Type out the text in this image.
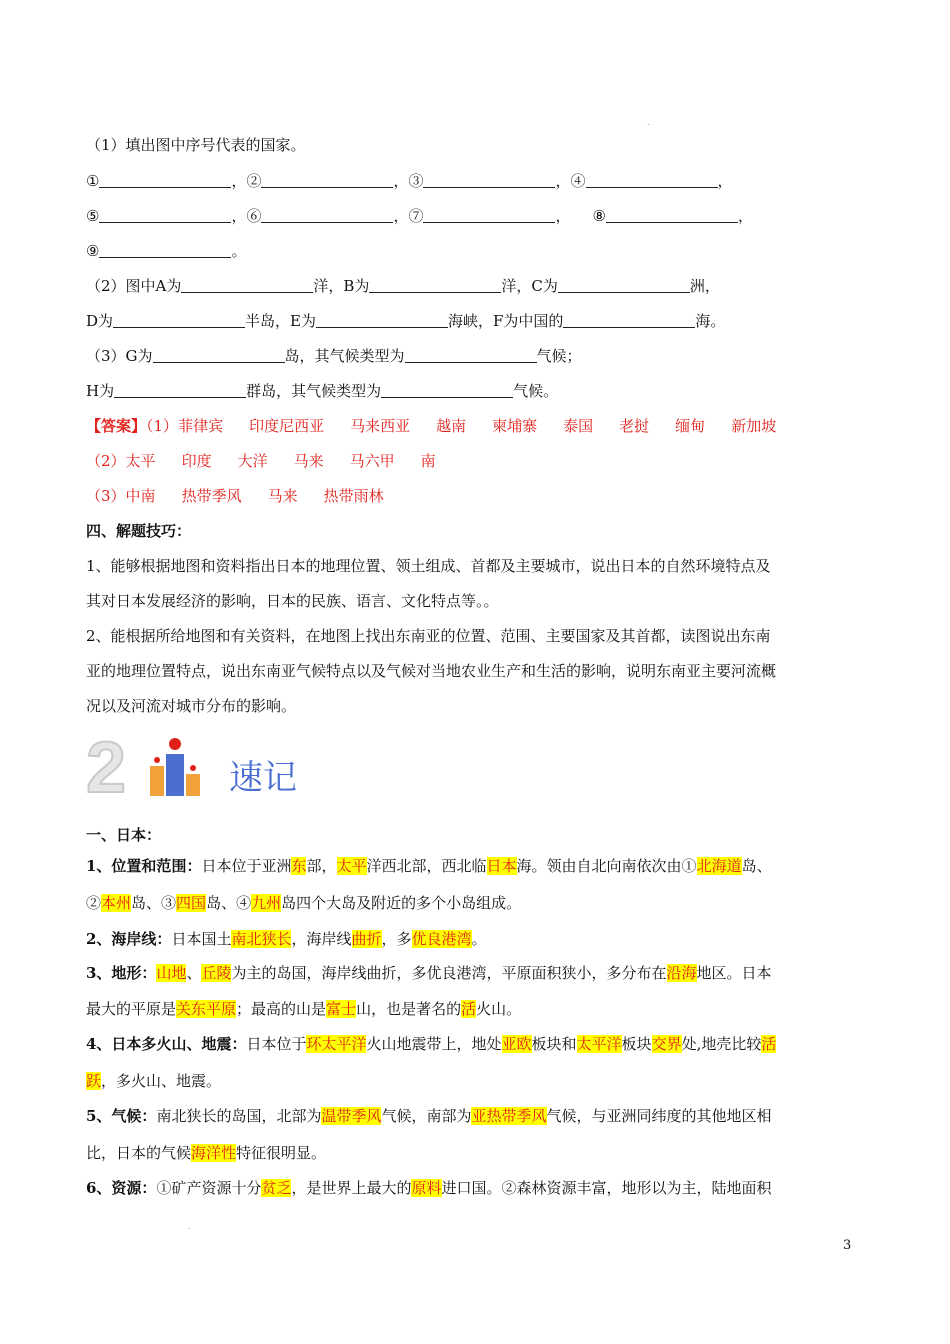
.
.
（1）填出图中序号代表的国家。
①	，②	，③	，④	，
⑤	，⑥	，⑦	， ⑧	，
⑨	。
（2）图中A为	洋，B为	洋，C为	洲，
D为	半岛，E为	海峡，F为中国的	海。
（3）G为	岛，其气候类型为	气候；
H为	群岛，其气候类型为	气候。
【答案】（1）菲律宾 印度尼西亚 马来西亚 越南 柬埔寨 泰国 老挝 缅甸 新加坡
（2）太平 印度 大洋 马来 马六甲 南
（3）中南 热带季风 马来 热带雨林
四、解题技巧：
1、能够根据地图和资料指出日本的地理位置、领土组成、首都及主要城市，说出日本的自然环境特点及
其对日本发展经济的影响，日本的民族、语言、文化特点等。。
2、能根据所给地图和有关资料，在地图上找出东南亚的位置、范围、主要国家及其首都，读图说出东南
亚的地理位置特点，说出东南亚气候特点以及气候对当地农业生产和生活的影响，说明东南亚主要河流概
况以及河流对城市分布的影响。
2	速记
一、日本：
1、位置和范围：日本位于亚洲东部，太平洋西北部，西北临日本海。领由自北向南依次由①北海道岛、
②本州岛、③四国岛、④九州岛四个大岛及附近的多个小岛组成。
2、海岸线：日本国土南北狭长，海岸线曲折，多优良港湾。
3、地形：山地、丘陵为主的岛国，海岸线曲折，多优良港湾，平原面积狭小，多分布在沿海地区。日本
最大的平原是关东平原；最高的山是富士山，也是著名的活火山。
4、日本多火山、地震：日本位于环太平洋火山地震带上，地处亚欧板块和太平洋板块交界处,地壳比较活
跃，多火山、地震。
5、气候：南北狭长的岛国，北部为温带季风气候，南部为亚热带季风气候，与亚洲同纬度的其他地区相
比，日本的气候海洋性特征很明显。
6、资源：①矿产资源十分贫乏，是世界上最大的原料进口国。②森林资源丰富，地形以为主，陆地面积
3
